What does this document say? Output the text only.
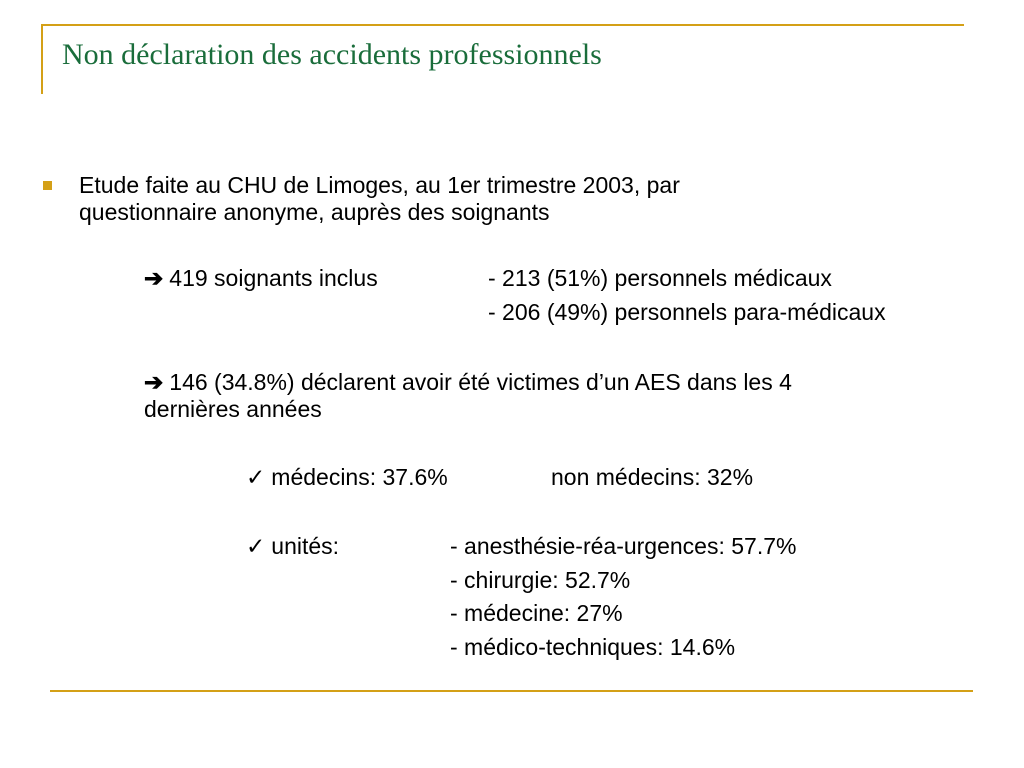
Non déclaration des accidents professionnels
Etude faite au CHU de Limoges, au 1er trimestre 2003, par
questionnaire anonyme, auprès des soignants
➔ 419 soignants inclus	- 213 (51%) personnels médicaux
- 206 (49%) personnels para-médicaux
➔ 146 (34.8%) déclarent avoir été victimes d’un AES dans les 4
dernières années
✓ médecins: 37.6%	non médecins: 32%
✓ unités:	- anesthésie-réa-urgences: 57.7%
- chirurgie: 52.7%
- médecine: 27%
- médico-techniques: 14.6%
